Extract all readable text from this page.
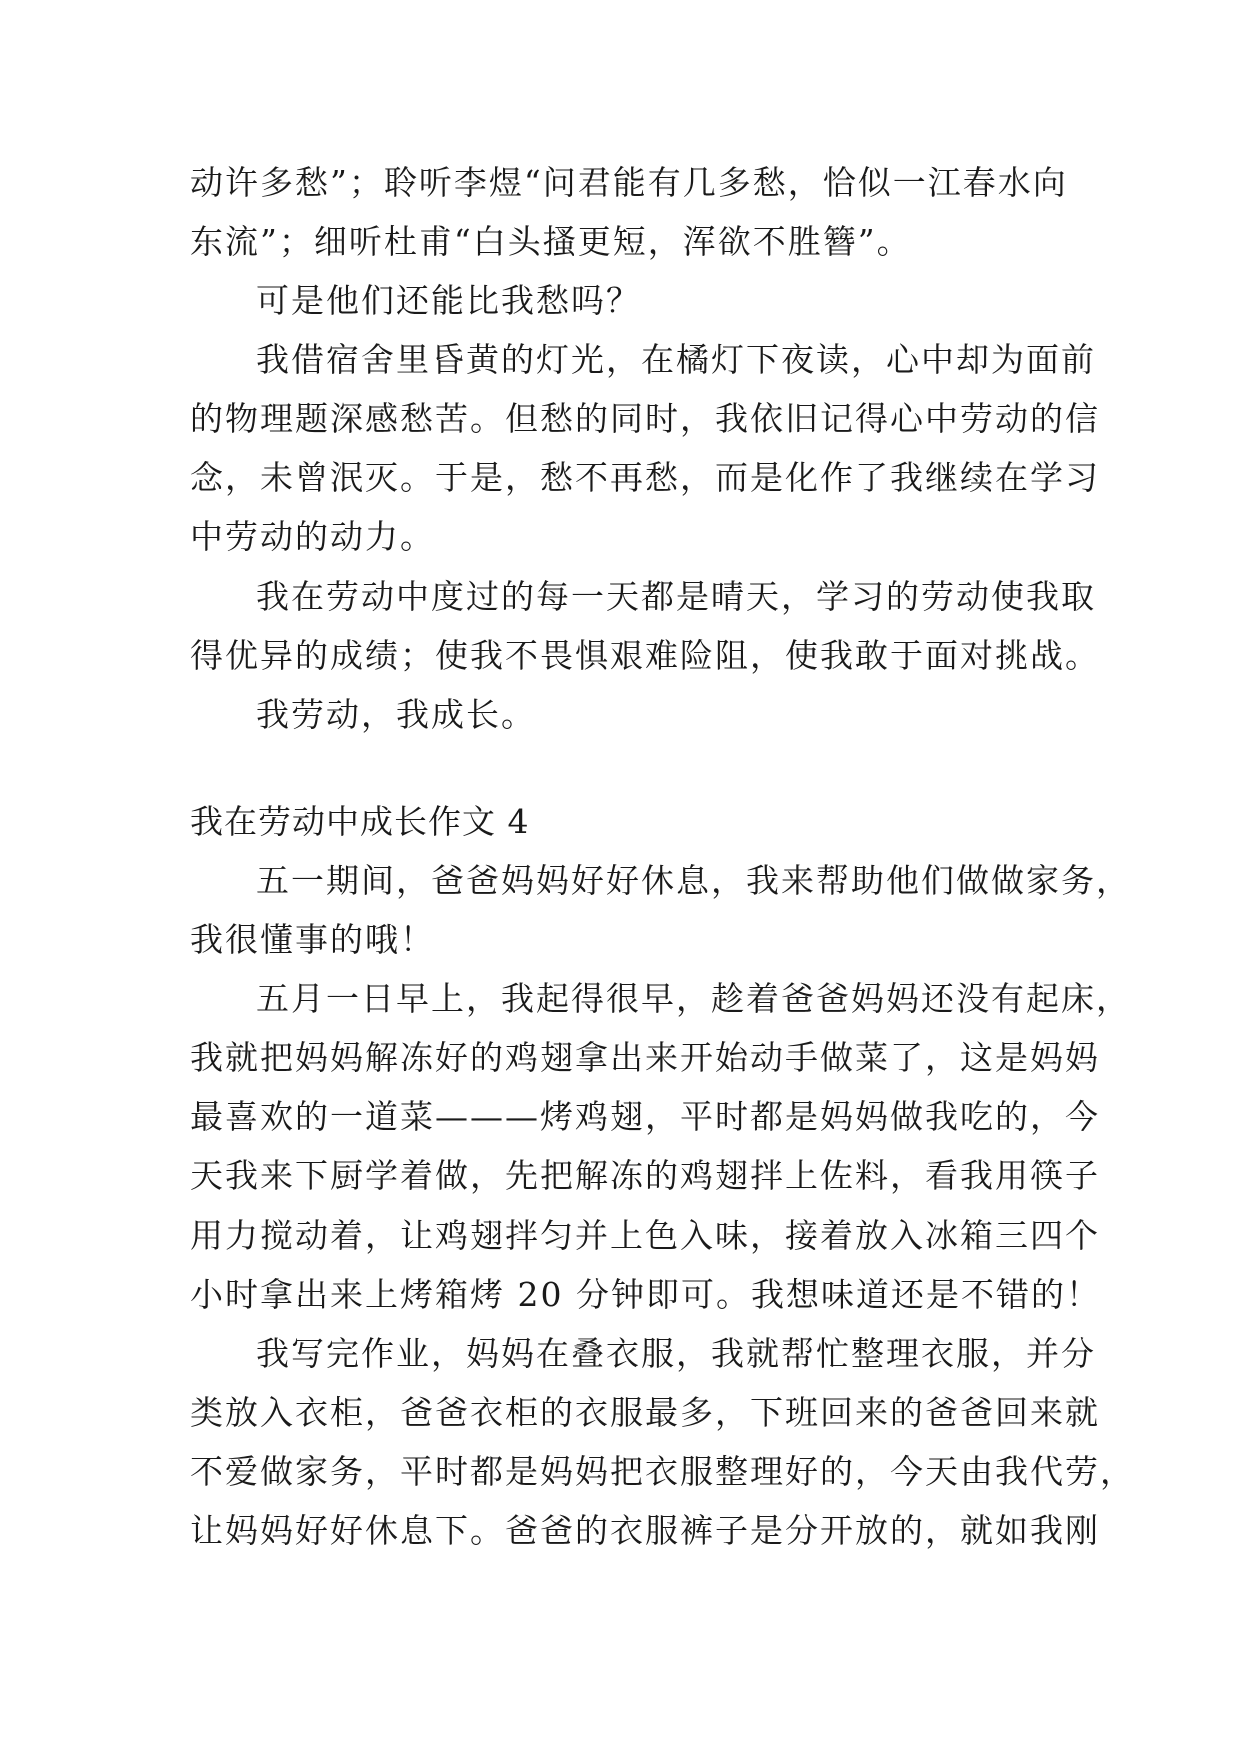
动许多愁”；聆听李煜“问君能有几多愁，恰似一江春水向
东流”；细听杜甫“白头搔更短，浑欲不胜簪”。
可是他们还能比我愁吗？
我借宿舍里昏黄的灯光，在橘灯下夜读，心中却为面前
的物理题深感愁苦。但愁的同时，我依旧记得心中劳动的信
念，未曾泯灭。于是，愁不再愁，而是化作了我继续在学习
中劳动的动力。
我在劳动中度过的每一天都是晴天，学习的劳动使我取
得优异的成绩；使我不畏惧艰难险阻，使我敢于面对挑战。
我劳动，我成长。
我在劳动中成长作文 4
五一期间，爸爸妈妈好好休息，我来帮助他们做做家务，
我很懂事的哦！
五月一日早上，我起得很早，趁着爸爸妈妈还没有起床，
我就把妈妈解冻好的鸡翅拿出来开始动手做菜了，这是妈妈
最喜欢的一道菜———烤鸡翅，平时都是妈妈做我吃的，今
天我来下厨学着做，先把解冻的鸡翅拌上佐料，看我用筷子
用力搅动着，让鸡翅拌匀并上色入味，接着放入冰箱三四个
小时拿出来上烤箱烤 20 分钟即可。我想味道还是不错的！
我写完作业，妈妈在叠衣服，我就帮忙整理衣服，并分
类放入衣柜，爸爸衣柜的衣服最多，下班回来的爸爸回来就
不爱做家务，平时都是妈妈把衣服整理好的，今天由我代劳，
让妈妈好好休息下。爸爸的衣服裤子是分开放的，就如我刚
